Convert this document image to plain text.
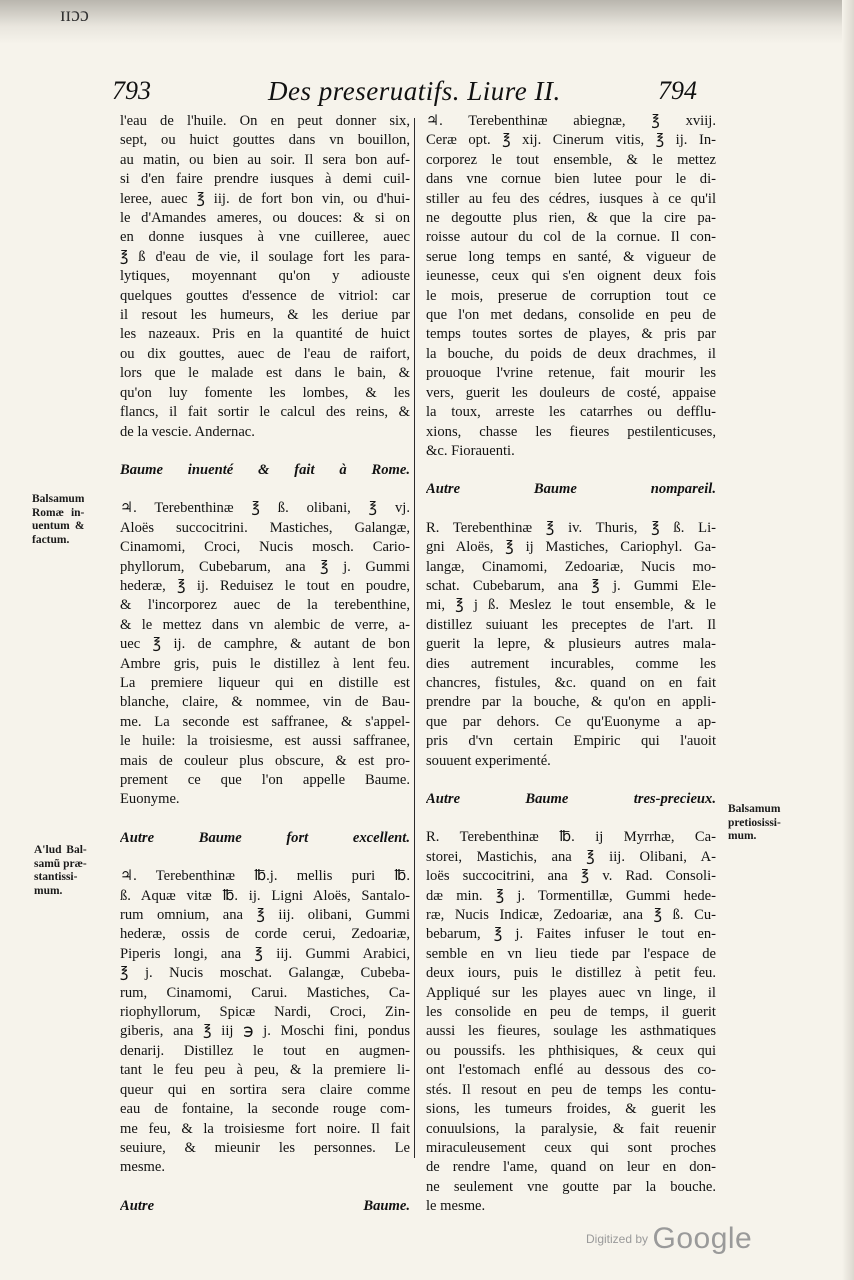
ɪɪɔɔ
793	Des preseruatifs. Liure II.	794
l'eau de l'huile. On en peut donner six,
sept, ou huict gouttes dans vn bouillon,
au matin, ou bien au soir. Il sera bon auf-
si d'en faire prendre iusques à demi cuil-
leree, auec ℥ iij. de fort bon vin, ou d'hui-
le d'Amandes ameres, ou douces: & si on
en donne iusques à vne cuilleree, auec
℥ ß d'eau de vie, il soulage fort les para-
lytiques, moyennant qu'on y adiouste
quelques gouttes d'essence de vitriol: car
il resout les humeurs, & les deriue par
les nazeaux. Pris en la quantité de huict
ou dix gouttes, auec de l'eau de raifort,
lors que le malade est dans le bain, &
qu'on luy fomente les lombes, & les
flancs, il fait sortir le calcul des reins, &
de la vescie. Andernac.
Baume inuenté & fait à Rome.
♃. Terebenthinæ ℥ ß. olibani, ℥ vj.
Aloës succocitrini. Mastiches, Galangæ,
Cinamomi, Croci, Nucis mosch. Cario-
phyllorum, Cubebarum, ana ℥ j. Gummi
hederæ, ℥ ij. Reduisez le tout en poudre,
& l'incorporez auec de la terebenthine,
& le mettez dans vn alembic de verre, a-
uec ℥ ij. de camphre, & autant de bon
Ambre gris, puis le distillez à lent feu.
La premiere liqueur qui en distille est
blanche, claire, & nommee, vin de Bau-
me. La seconde est saffranee, & s'appel-
le huile: la troisiesme, est aussi saffranee,
mais de couleur plus obscure, & est pro-
prement ce que l'on appelle Baume.
Euonyme.
Autre Baume fort excellent.
♃. Terebenthinæ ℔.j. mellis puri ℔.
ß. Aquæ vitæ ℔. ij. Ligni Aloës, Santalo-
rum omnium, ana ℥ iij. olibani, Gummi
hederæ, ossis de corde cerui, Zedoariæ,
Piperis longi, ana ℥ iij. Gummi Arabici,
℥ j. Nucis moschat. Galangæ, Cubeba-
rum, Cinamomi, Carui. Mastiches, Ca-
riophyllorum, Spicæ Nardi, Croci, Zin-
giberis, ana ℥ iij ℈ j. Moschi fini, pondus
denarij. Distillez le tout en augmen-
tant le feu peu à peu, & la premiere li-
queur qui en sortira sera claire comme
eau de fontaine, la seconde rouge com-
me feu, & la troisiesme fort noire. Il fait
seuiure, & mieunir les personnes. Le
mesme.
Autre Baume.
♃. Terebenthinæ abiegnæ, ℥ xviij.
Ceræ opt. ℥ xij. Cinerum vitis, ℥ ij. In-
corporez le tout ensemble, & le mettez
dans vne cornue bien lutee pour le di-
stiller au feu des cédres, iusques à ce qu'il
ne degoutte plus rien, & que la cire pa-
roisse autour du col de la cornue. Il con-
serue long temps en santé, & vigueur de
ieunesse, ceux qui s'en oignent deux fois
le mois, preserue de corruption tout ce
que l'on met dedans, consolide en peu de
temps toutes sortes de playes, & pris par
la bouche, du poids de deux drachmes, il
prouoque l'vrine retenue, fait mourir les
vers, guerit les douleurs de costé, appaise
la toux, arreste les catarrhes ou defflu-
xions, chasse les fieures pestilenticuses,
&c. Fiorauenti.
Autre Baume nompareil.
R. Terebenthinæ ℥ iv. Thuris, ℥ ß. Li-
gni Aloës, ℥ ij Mastiches, Cariophyl. Ga-
langæ, Cinamomi, Zedoariæ, Nucis mo-
schat. Cubebarum, ana ℥ j. Gummi Ele-
mi, ℥ j ß. Meslez le tout ensemble, & le
distillez suiuant les preceptes de l'art. Il
guerit la lepre, & plusieurs autres mala-
dies autrement incurables, comme les
chancres, fistules, &c. quand on en fait
prendre par la bouche, & qu'on en appli-
que par dehors. Ce qu'Euonyme a ap-
pris d'vn certain Empiric qui l'auoit
souuent experimenté.
Autre Baume tres-precieux.
R. Terebenthinæ ℔. ij Myrrhæ, Ca-
storei, Mastichis, ana ℥ iij. Olibani, A-
loës succocitrini, ana ℥ v. Rad. Consoli-
dæ min. ℥ j. Tormentillæ, Gummi hede-
ræ, Nucis Indicæ, Zedoariæ, ana ℥ ß. Cu-
bebarum, ℥ j. Faites infuser le tout en-
semble en vn lieu tiede par l'espace de
deux iours, puis le distillez à petit feu.
Appliqué sur les playes auec vn linge, il
les consolide en peu de temps, il guerit
aussi les fieures, soulage les asthmatiques
ou poussifs. les phthisiques, & ceux qui
ont l'estomach enflé au dessous des co-
stés. Il resout en peu de temps les contu-
sions, les tumeurs froides, & guerit les
conuulsions, la paralysie, & fait reuenir
miraculeusement ceux qui sont proches
de rendre l'ame, quand on leur en don-
ne seulement vne goutte par la bouche.
le mesme.
Balsamum
Romæ in-
uentum &
factum.
A'lud Bal-
samũ præ-
stantissi-
mum.
Balsamum
pretiosissi-
mum.
Digitized by Google
